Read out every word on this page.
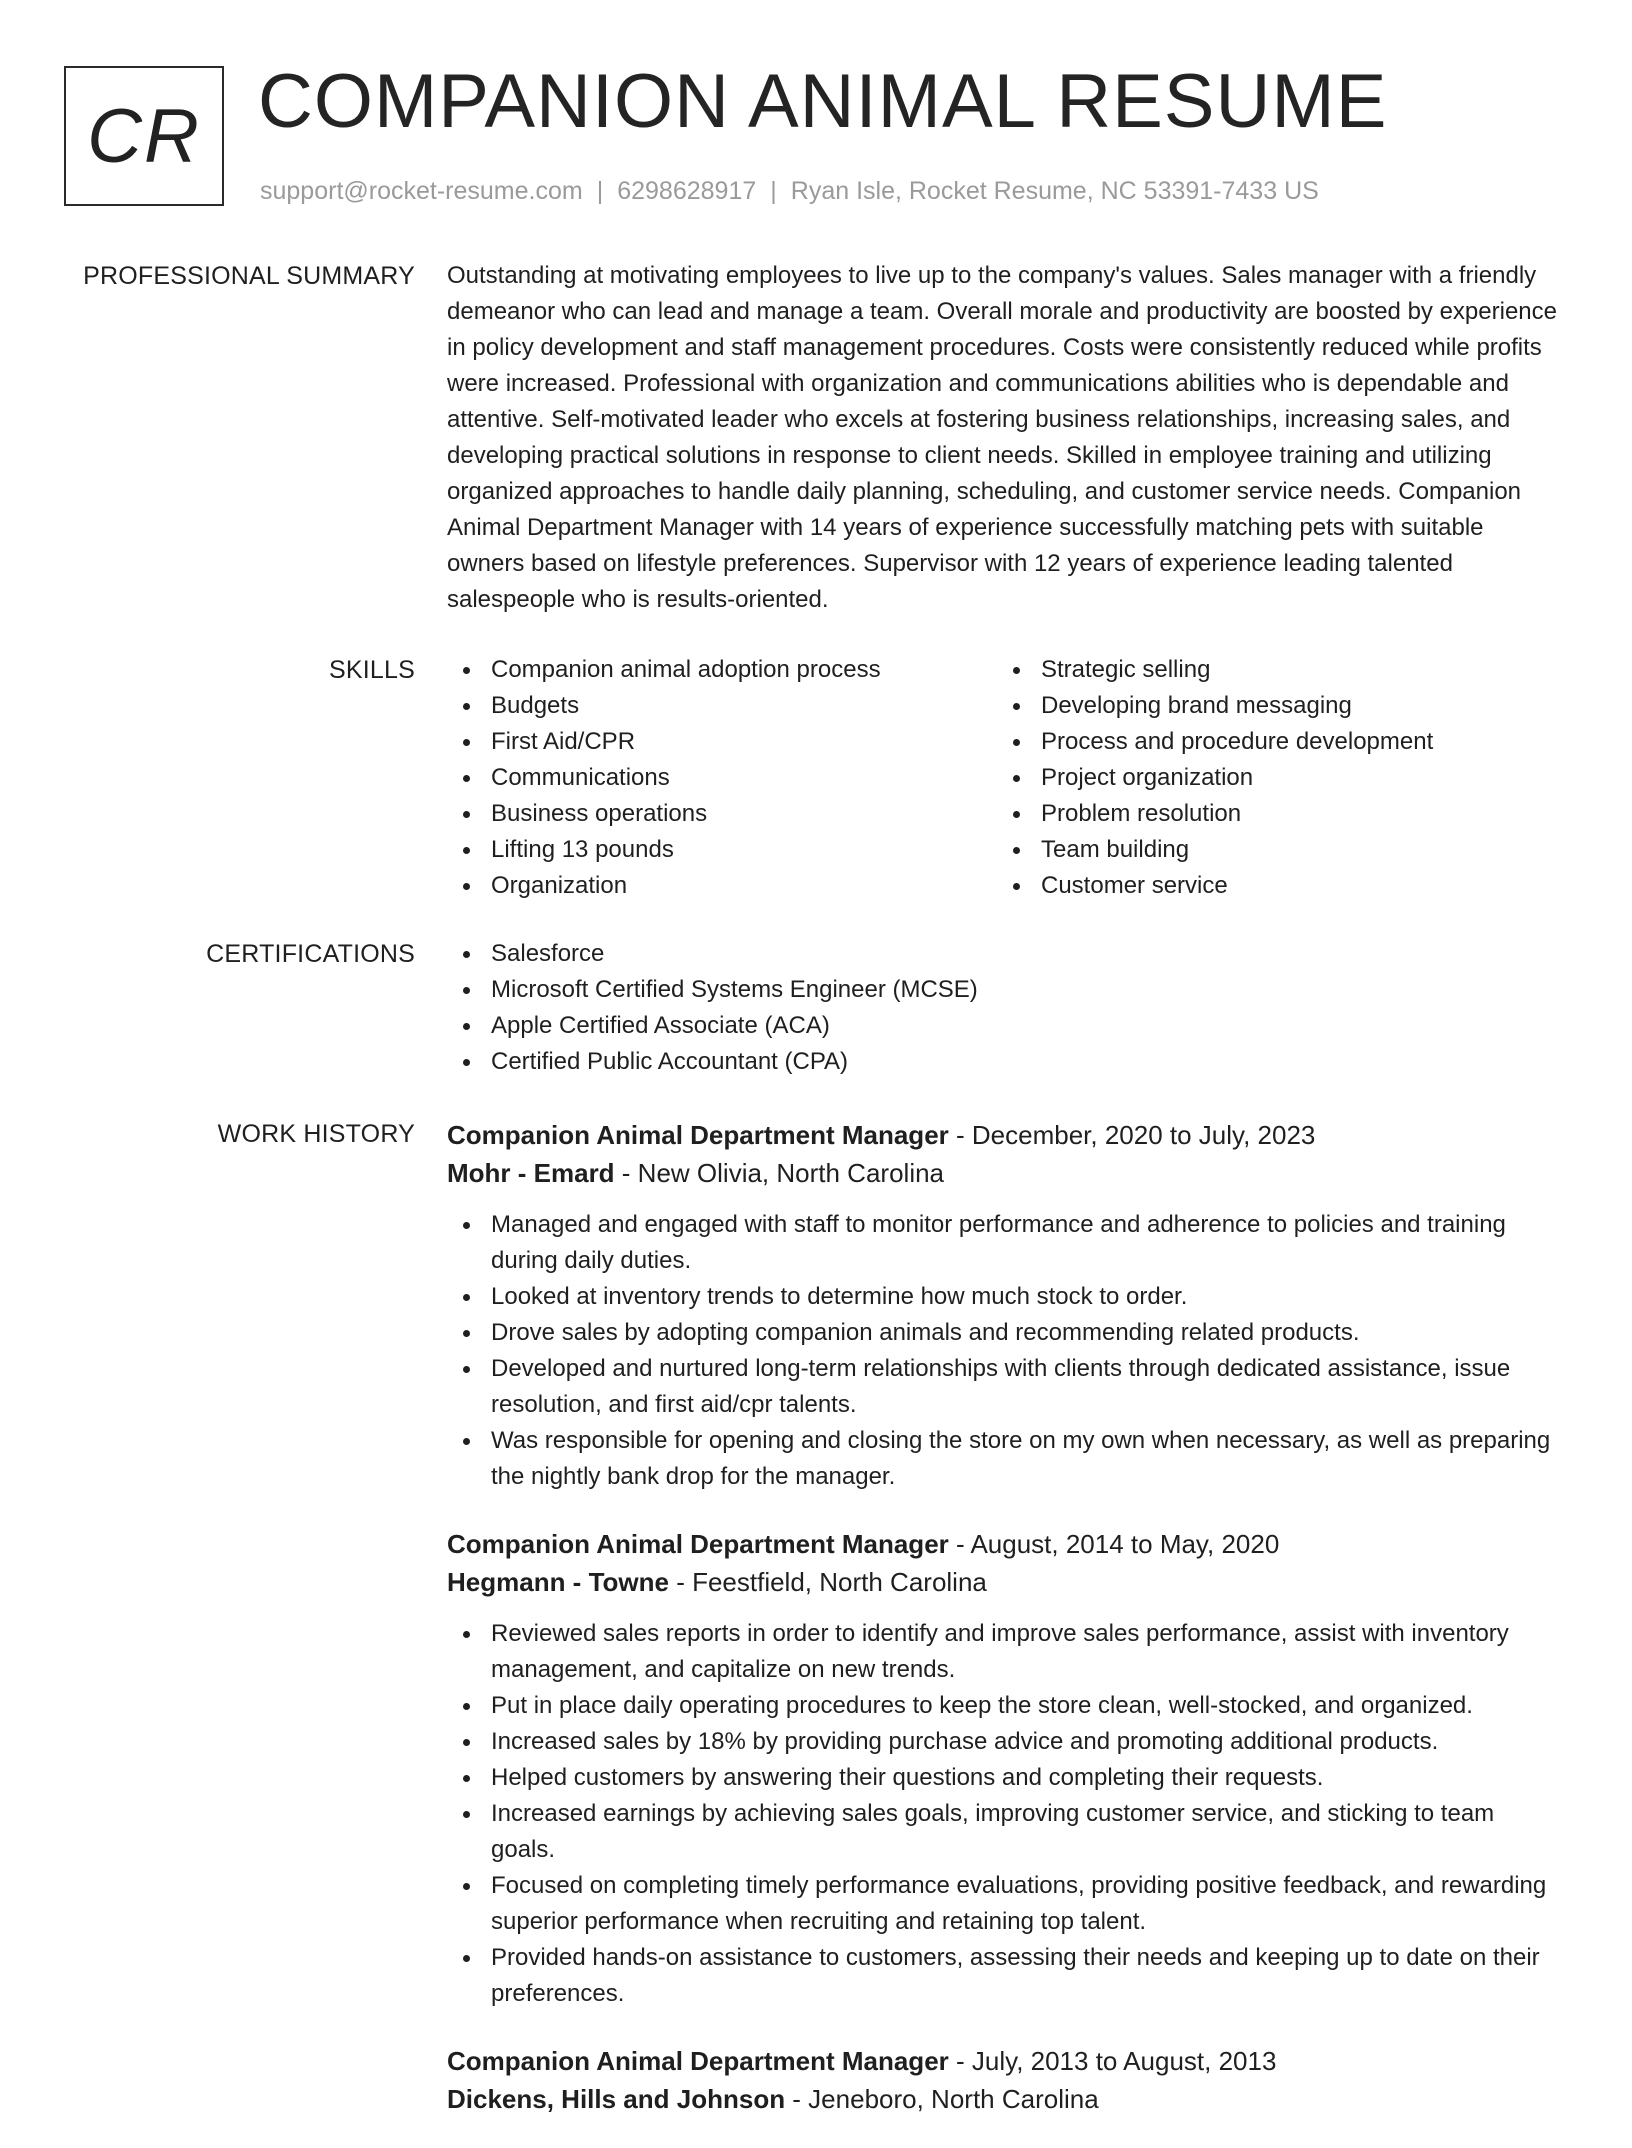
CR COMPANION ANIMAL RESUME
support@rocket-resume.com | 6298628917 | Ryan Isle, Rocket Resume, NC 53391-7433 US
PROFESSIONAL SUMMARY Outstanding at motivating employees to live up to the company's values. Sales manager with a friendly demeanor who can lead and manage a team. Overall morale and productivity are boosted by experience in policy development and staff management procedures. Costs were consistently reduced while profits were increased. Professional with organization and communications abilities who is dependable and attentive. Self-motivated leader who excels at fostering business relationships, increasing sales, and developing practical solutions in response to client needs. Skilled in employee training and utilizing organized approaches to handle daily planning, scheduling, and customer service needs. Companion Animal Department Manager with 14 years of experience successfully matching pets with suitable owners based on lifestyle preferences. Supervisor with 12 years of experience leading talented salespeople who is results-oriented.

SKILLS	Companion animal adoption process
Budgets
First Aid/CPR
Communications
Business operations
Lifting 13 pounds
Organization
Strategic selling
Developing brand messaging
Process and procedure development
Project organization
Problem resolution
Team building
Customer service
CERTIFICATIONS	Salesforce
Microsoft Certified Systems Engineer (MCSE)
Apple Certified Associate (ACA)
Certified Public Accountant (CPA)
WORK HISTORY Companion Animal Department Manager - December, 2020 to July, 2023
Mohr - Emard - New Olivia, North Carolina
Managed and engaged with staff to monitor performance and adherence to policies and training during daily duties.
Looked at inventory trends to determine how much stock to order.
Drove sales by adopting companion animals and recommending related products.
Developed and nurtured long-term relationships with clients through dedicated assistance, issue resolution, and first aid/cpr talents.
Was responsible for opening and closing the store on my own when necessary, as well as preparing the nightly bank drop for the manager.
Companion Animal Department Manager - August, 2014 to May, 2020
Hegmann - Towne - Feestfield, North Carolina
Reviewed sales reports in order to identify and improve sales performance, assist with inventory management, and capitalize on new trends.
Put in place daily operating procedures to keep the store clean, well-stocked, and organized.
Increased sales by 18% by providing purchase advice and promoting additional products.
Helped customers by answering their questions and completing their requests.
Increased earnings by achieving sales goals, improving customer service, and sticking to team goals.
Focused on completing timely performance evaluations, providing positive feedback, and rewarding superior performance when recruiting and retaining top talent.
Provided hands-on assistance to customers, assessing their needs and keeping up to date on their preferences.
Companion Animal Department Manager - July, 2013 to August, 2013
Dickens, Hills and Johnson - Jeneboro, North Carolina
